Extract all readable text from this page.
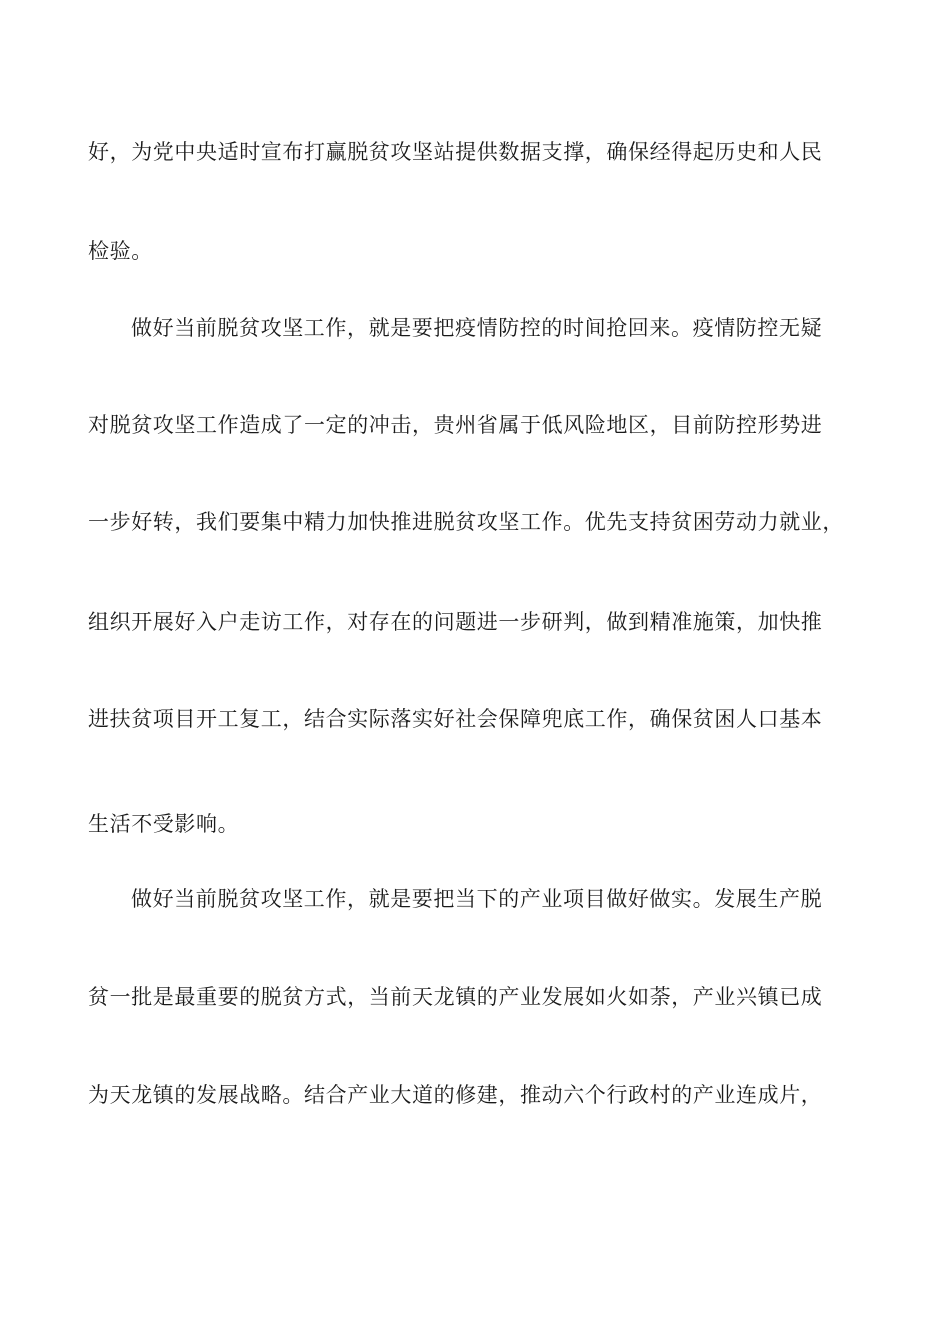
好，为党中央适时宣布打赢脱贫攻坚站提供数据支撑，确保经得起历史和人民

检验。

做好当前脱贫攻坚工作，就是要把疫情防控的时间抢回来。疫情防控无疑

对脱贫攻坚工作造成了一定的冲击，贵州省属于低风险地区，目前防控形势进

一步好转，我们要集中精力加快推进脱贫攻坚工作。优先支持贫困劳动力就业，

组织开展好入户走访工作，对存在的问题进一步研判，做到精准施策，加快推

进扶贫项目开工复工，结合实际落实好社会保障兜底工作，确保贫困人口基本

生活不受影响。

做好当前脱贫攻坚工作，就是要把当下的产业项目做好做实。发展生产脱

贫一批是最重要的脱贫方式，当前天龙镇的产业发展如火如荼，产业兴镇已成

为天龙镇的发展战略。结合产业大道的修建，推动六个行政村的产业连成片，
